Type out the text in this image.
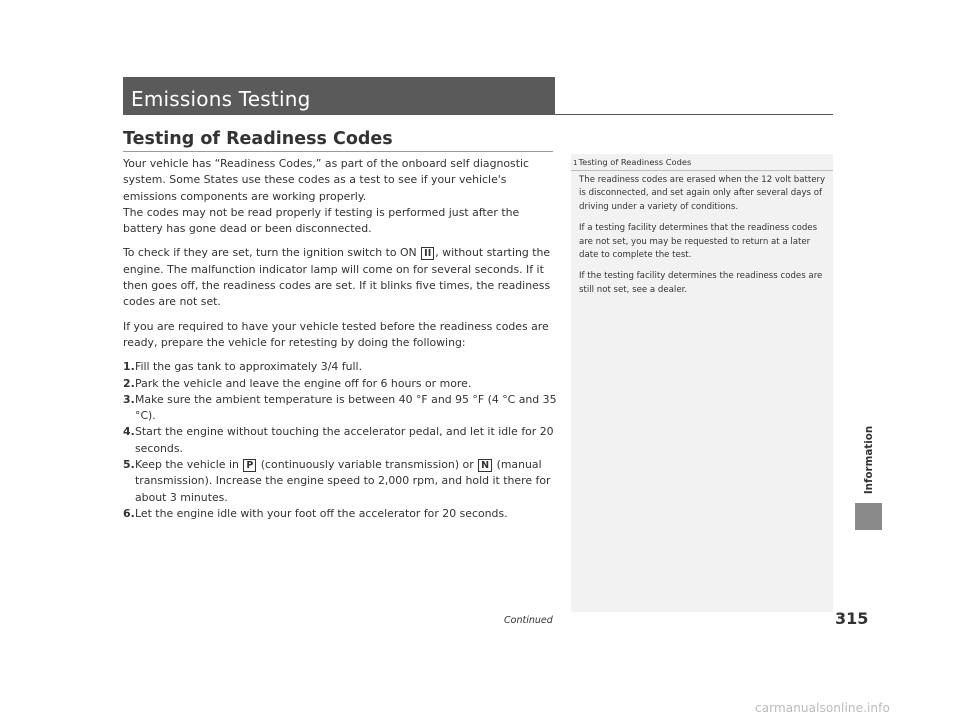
Emissions Testing
Testing of Readiness Codes

Your vehicle has “Readiness Codes,” as part of the onboard self diagnostic system. Some States use these codes as a test to see if your vehicle's emissions components are working properly.

The codes may not be read properly if testing is performed just after the battery has gone dead or been disconnected.

To check if they are set, turn the ignition switch to ON II , without starting the engine. The malfunction indicator lamp will come on for several seconds. If it then goes off, the readiness codes are set. If it blinks five times, the readiness codes are not set.

If you are required to have your vehicle tested before the readiness codes are ready, prepare the vehicle for retesting by doing the following:

1. Fill the gas tank to approximately 3/4 full.
2. Park the vehicle and leave the engine off for 6 hours or more.
3. Make sure the ambient temperature is between 40 °F and 95 °F (4 °C and 35 °C).
4. Start the engine without touching the accelerator pedal, and let it idle for 20 seconds.
5. Keep the vehicle in P (continuously variable transmission) or N (manual transmission). Increase the engine speed to 2,000 rpm, and hold it there for about 3 minutes.
6. Let the engine idle with your foot off the accelerator for 20 seconds.
1Testing of Readiness Codes

The readiness codes are erased when the 12 volt battery is disconnected, and set again only after several days of driving under a variety of conditions.

If a testing facility determines that the readiness codes are not set, you may be requested to return at a later date to complete the test.

If the testing facility determines the readiness codes are still not set, see a dealer.

Information
Continued	315
carmanualsonline.info
